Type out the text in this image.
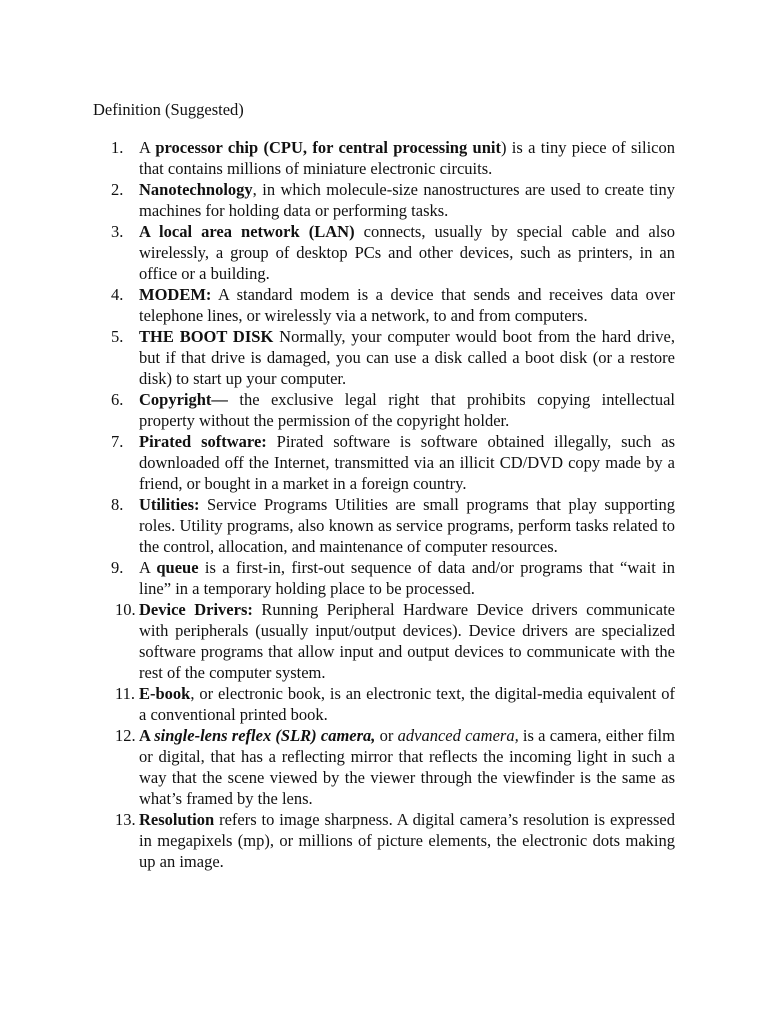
Definition (Suggested)
1. A processor chip (CPU, for central processing unit) is a tiny piece of silicon that contains millions of miniature electronic circuits.
2. Nanotechnology, in which molecule-size nanostructures are used to create tiny machines for holding data or performing tasks.
3. A local area network (LAN) connects, usually by special cable and also wirelessly, a group of desktop PCs and other devices, such as printers, in an office or a building.
4. MODEM: A standard modem is a device that sends and receives data over telephone lines, or wirelessly via a network, to and from computers.
5. THE BOOT DISK Normally, your computer would boot from the hard drive, but if that drive is damaged, you can use a disk called a boot disk (or a restore disk) to start up your computer.
6. Copyright— the exclusive legal right that prohibits copying intellectual property without the permission of the copyright holder.
7. Pirated software: Pirated software is software obtained illegally, such as downloaded off the Internet, transmitted via an illicit CD/DVD copy made by a friend, or bought in a market in a foreign country.
8. Utilities: Service Programs Utilities are small programs that play supporting roles. Utility programs, also known as service programs, perform tasks related to the control, allocation, and maintenance of computer resources.
9. A queue is a first-in, first-out sequence of data and/or programs that “wait in line” in a temporary holding place to be processed.
10. Device Drivers: Running Peripheral Hardware Device drivers communicate with peripherals (usually input/output devices). Device drivers are specialized software programs that allow input and output devices to communicate with the rest of the computer system.
11. E-book, or electronic book, is an electronic text, the digital-media equivalent of a conventional printed book.
12. A single-lens reflex (SLR) camera, or advanced camera, is a camera, either film or digital, that has a reflecting mirror that reflects the incoming light in such a way that the scene viewed by the viewer through the viewfinder is the same as what’s framed by the lens.
13. Resolution refers to image sharpness. A digital camera’s resolution is expressed in megapixels (mp), or millions of picture elements, the electronic dots making up an image.
